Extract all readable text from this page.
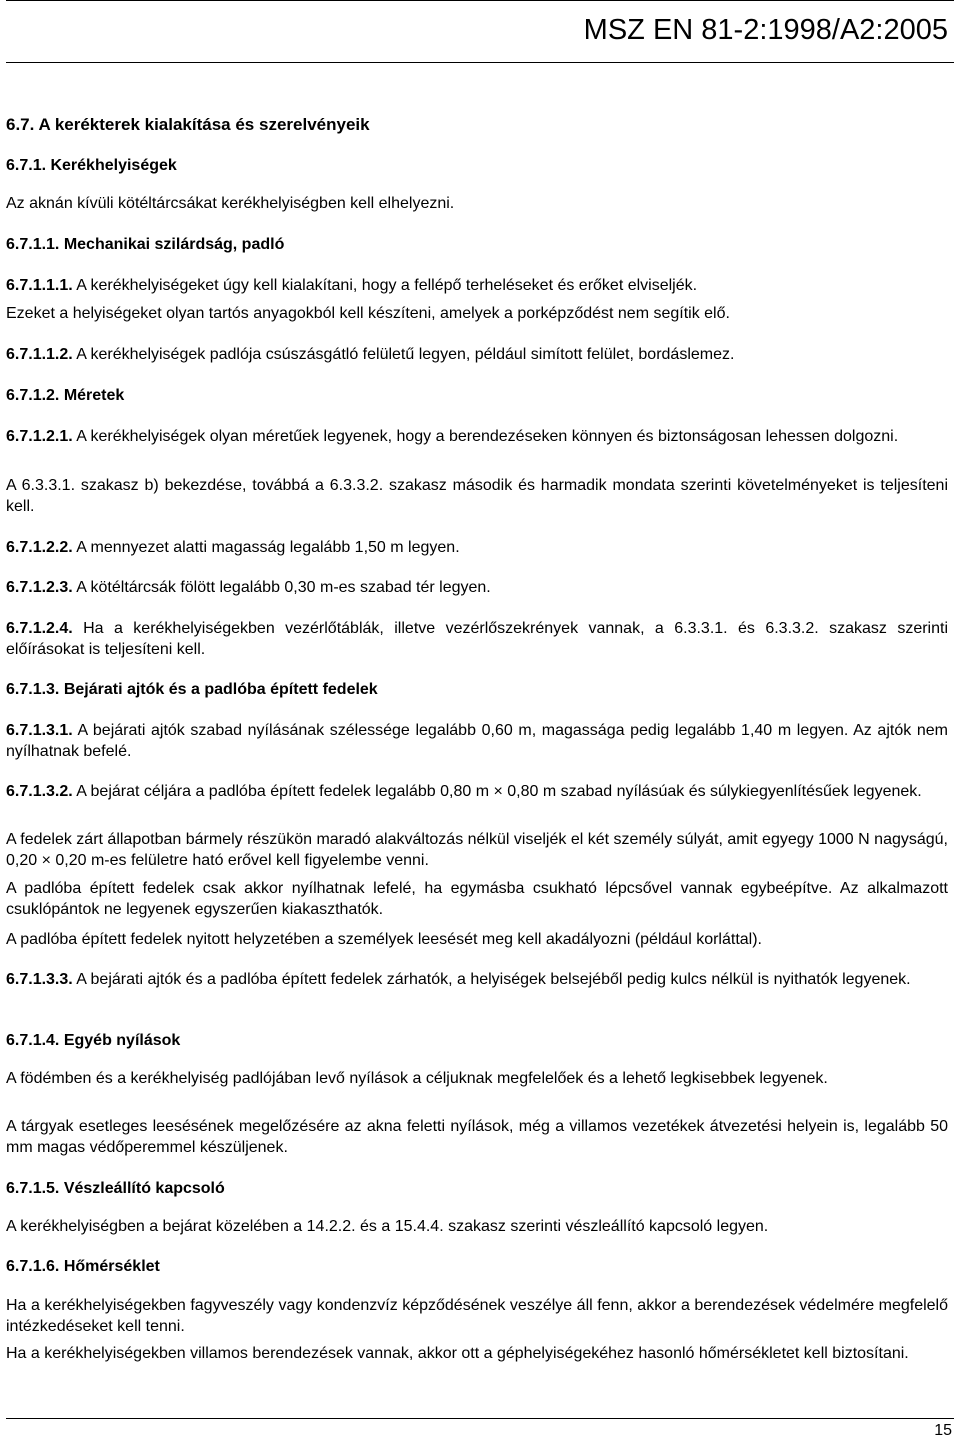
MSZ EN 81-2:1998/A2:2005

6.7. A kerékterek kialakítása és szerelvényeik

6.7.1. Kerékhelyiségek

Az aknán kívüli kötéltárcsákat kerékhelyiségben kell elhelyezni.

6.7.1.1. Mechanikai szilárdság, padló

6.7.1.1.1. A kerékhelyiségeket úgy kell kialakítani, hogy a fellépő terheléseket és erőket elviseljék.

Ezeket a helyiségeket olyan tartós anyagokból kell készíteni, amelyek a porképződést nem segítik elő.

6.7.1.1.2. A kerékhelyiségek padlója csúszásgátló felületű legyen, például simított felület, bordáslemez.

6.7.1.2. Méretek

6.7.1.2.1. A kerékhelyiségek olyan méretűek legyenek, hogy a berendezéseken könnyen és biztonságosan lehessen dolgozni.

A 6.3.3.1. szakasz b) bekezdése, továbbá a 6.3.3.2. szakasz második és harmadik mondata szerinti követelményeket is teljesíteni kell.

6.7.1.2.2. A mennyezet alatti magasság legalább 1,50 m legyen.

6.7.1.2.3. A kötéltárcsák fölött legalább 0,30 m-es szabad tér legyen.

6.7.1.2.4. Ha a kerékhelyiségekben vezérlőtáblák, illetve vezérlőszekrények vannak, a 6.3.3.1. és 6.3.3.2. szakasz szerinti előírásokat is teljesíteni kell.

6.7.1.3. Bejárati ajtók és a padlóba épített fedelek

6.7.1.3.1. A bejárati ajtók szabad nyílásának szélessége legalább 0,60 m, magassága pedig legalább 1,40 m legyen. Az ajtók nem nyílhatnak befelé.

6.7.1.3.2. A bejárat céljára a padlóba épített fedelek legalább 0,80 m × 0,80 m szabad nyílásúak és súlykiegyenlítésűek legyenek.

A fedelek zárt állapotban bármely részükön maradó alakváltozás nélkül viseljék el két személy súlyát, amit egyegy 1000 N nagyságú, 0,20 × 0,20 m-es felületre ható erővel kell figyelembe venni.

A padlóba épített fedelek csak akkor nyílhatnak lefelé, ha egymásba csukható lépcsővel vannak egybeépítve. Az alkalmazott csuklópántok ne legyenek egyszerűen kiakaszthatók.

A padlóba épített fedelek nyitott helyzetében a személyek leesését meg kell akadályozni (például korláttal).

6.7.1.3.3. A bejárati ajtók és a padlóba épített fedelek zárhatók, a helyiségek belsejéből pedig kulcs nélkül is nyithatók legyenek.

6.7.1.4. Egyéb nyílások

A födémben és a kerékhelyiség padlójában levő nyílások a céljuknak megfelelőek és a lehető legkisebbek legyenek.

A tárgyak esetleges leesésének megelőzésére az akna feletti nyílások, még a villamos vezetékek átvezetési helyein is, legalább 50 mm magas védőperemmel készüljenek.

6.7.1.5. Vészleállító kapcsoló

A kerékhelyiségben a bejárat közelében a 14.2.2. és a 15.4.4. szakasz szerinti vészleállító kapcsoló legyen.

6.7.1.6. Hőmérséklet

Ha a kerékhelyiségekben fagyveszély vagy kondenzvíz képződésének veszélye áll fenn, akkor a berendezések védelmére megfelelő intézkedéseket kell tenni.

Ha a kerékhelyiségekben villamos berendezések vannak, akkor ott a géphelyiségekéhez hasonló hőmérsékletet kell biztosítani.

15
